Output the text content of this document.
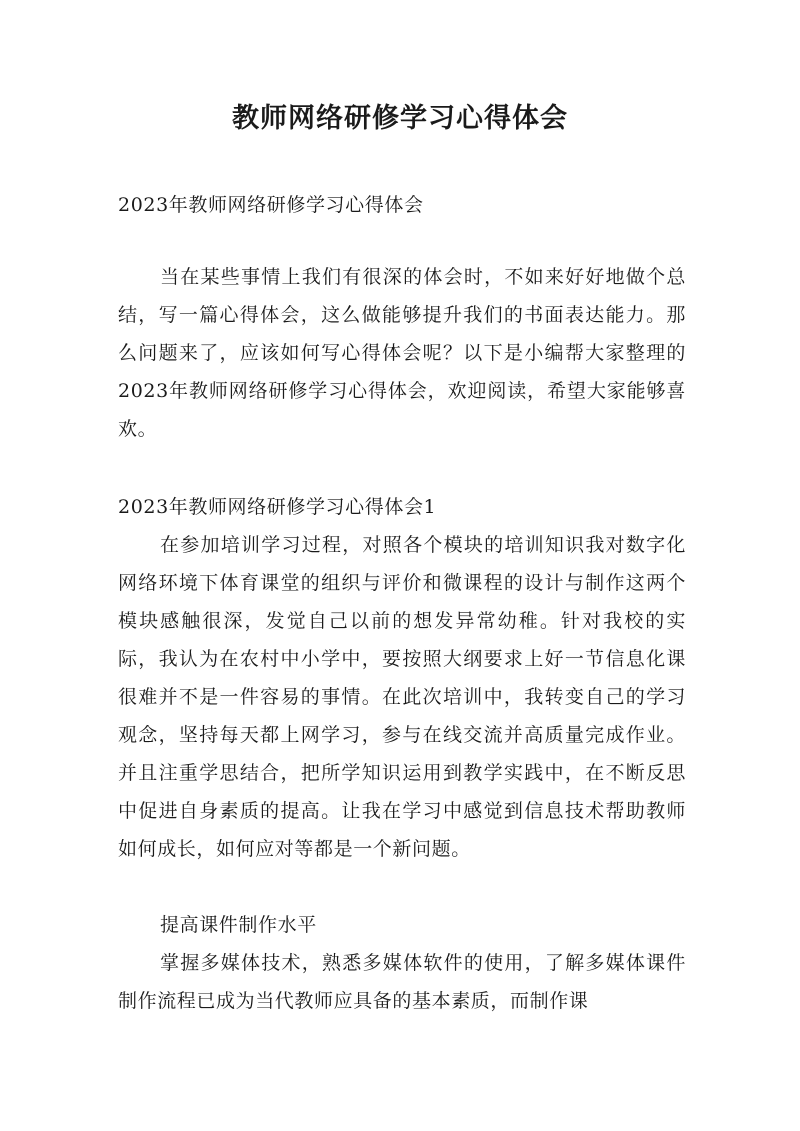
教师网络研修学习心得体会

2023年教师网络研修学习心得体会

当在某些事情上我们有很深的体会时，不如来好好地做个总结，写一篇心得体会，这么做能够提升我们的书面表达能力。那么问题来了，应该如何写心得体会呢？以下是小编帮大家整理的2023年教师网络研修学习心得体会，欢迎阅读，希望大家能够喜欢。

2023年教师网络研修学习心得体会1

在参加培训学习过程，对照各个模块的培训知识我对数字化网络环境下体育课堂的组织与评价和微课程的设计与制作这两个模块感触很深，发觉自己以前的想发异常幼稚。针对我校的实际，我认为在农村中小学中，要按照大纲要求上好一节信息化课很难并不是一件容易的事情。在此次培训中，我转变自己的学习观念，坚持每天都上网学习，参与在线交流并高质量完成作业。并且注重学思结合，把所学知识运用到教学实践中，在不断反思中促进自身素质的提高。让我在学习中感觉到信息技术帮助教师如何成长，如何应对等都是一个新问题。

提高课件制作水平

掌握多媒体技术，熟悉多媒体软件的使用，了解多媒体课件制作流程已成为当代教师应具备的基本素质，而制作课
